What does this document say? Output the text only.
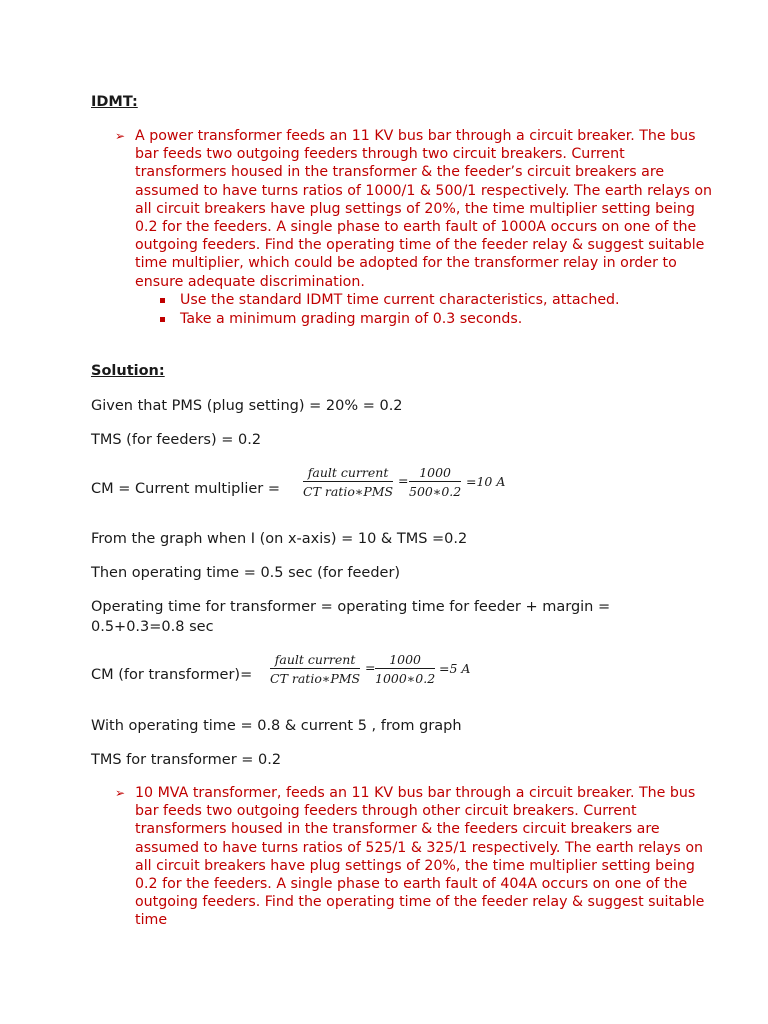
IDMT:
➢ A power transformer feeds an 11 KV bus bar through a circuit breaker. The bus bar feeds two outgoing feeders through two circuit breakers. Current transformers housed in the transformer & the feeder’s circuit breakers are assumed to have turns ratios of 1000/1 & 500/1 respectively. The earth relays on all circuit breakers have plug settings of 20%, the time multiplier setting being 0.2 for the feeders. A single phase to earth fault of 1000A occurs on one of the outgoing feeders. Find the operating time of the feeder relay & suggest suitable time multiplier, which could be adopted for the transformer relay in order to ensure adequate discrimination.
Use the standard IDMT time current characteristics, attached.
Take a minimum grading margin of 0.3 seconds.
Solution:
Given that PMS (plug setting) = 20% = 0.2
TMS (for feeders) = 0.2
CM = Current multiplier =
fault current
CT ratio∗PMS
= $\frac{1000}{500∗0.2} =10$ A
From the graph when I (on x-axis) = 10 & TMS =0.2
Then operating time = 0.5 sec (for feeder)
Operating time for transformer = operating time for feeder + margin =
0.5+0.3=0.8 sec
CM (for transformer)=
fault current
CT ratio∗PMS
= $\frac{1000}{1000∗0.2} =5$ A
With operating time = 0.8 & current 5 , from graph
TMS for transformer = 0.2
➢ 10 MVA transformer, feeds an 11 KV bus bar through a circuit breaker. The bus bar feeds two outgoing feeders through other circuit breakers. Current transformers housed in the transformer & the feeders circuit breakers are assumed to have turns ratios of 525/1 & 325/1 respectively. The earth relays on all circuit breakers have plug settings of 20%, the time multiplier setting being 0.2 for the feeders. A single phase to earth fault of 404A occurs on one of the outgoing feeders. Find the operating time of the feeder relay & suggest suitable time
